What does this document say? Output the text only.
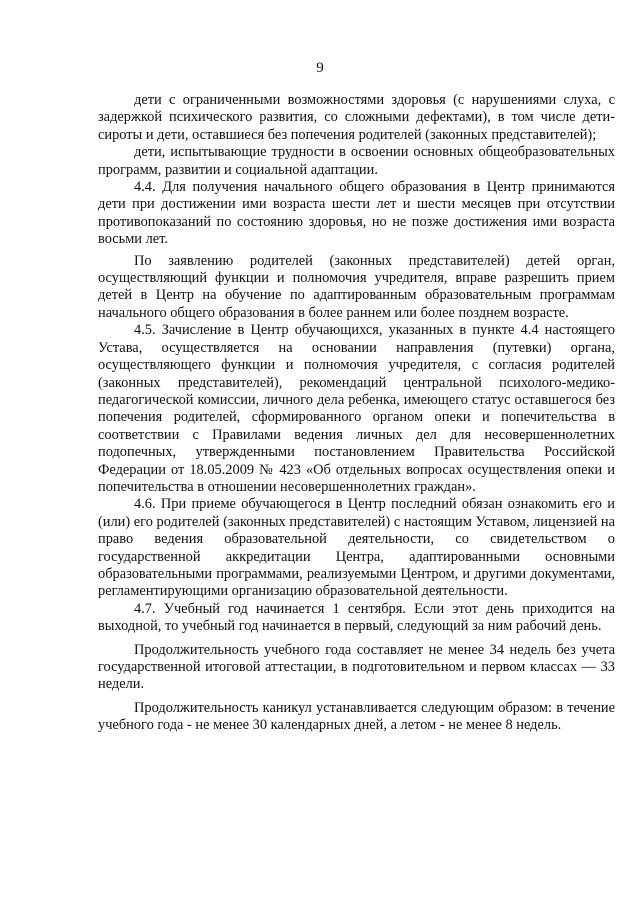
9

дети с ограниченными возможностями здоровья (с нарушениями слуха, с задержкой психического развития, со сложными дефектами), в том числе дети-сироты и дети, оставшиеся без попечения родителей (законных представителей);

дети, испытывающие трудности в освоении основных общеобразовательных программ, развитии и социальной адаптации.

4.4. Для получения начального общего образования в Центр принимаются дети при достижении ими возраста шести лет и шести месяцев при отсутствии противопоказаний по состоянию здоровья, но не позже достижения ими возраста восьми лет.

По заявлению родителей (законных представителей) детей орган, осуществляющий функции и полномочия учредителя, вправе разрешить прием детей в Центр на обучение по адаптированным образовательным программам начального общего образования в более раннем или более позднем возрасте.

4.5. Зачисление в Центр обучающихся, указанных в пункте 4.4 настоящего Устава, осуществляется на основании направления (путевки) органа, осуществляющего функции и полномочия учредителя, с согласия родителей (законных представителей), рекомендаций центральной психолого-медико-педагогической комиссии, личного дела ребенка, имеющего статус оставшегося без попечения родителей, сформированного органом опеки и попечительства в соответствии с Правилами ведения личных дел для несовершеннолетних подопечных, утвержденными постановлением Правительства Российской Федерации от 18.05.2009 № 423 «Об отдельных вопросах осуществления опеки и попечительства в отношении несовершеннолетних граждан».

4.6. При приеме обучающегося в Центр последний обязан ознакомить его и (или) его родителей (законных представителей) с настоящим Уставом, лицензией на право ведения образовательной деятельности, со свидетельством о государственной аккредитации Центра, адаптированными основными образовательными программами, реализуемыми Центром, и другими документами, регламентирующими организацию образовательной деятельности.

4.7. Учебный год начинается 1 сентября. Если этот день приходится на выходной, то учебный год начинается в первый, следующий за ним рабочий день.

Продолжительность учебного года составляет не менее 34 недель без учета государственной итоговой аттестации, в подготовительном и первом классах — 33 недели.

Продолжительность каникул устанавливается следующим образом: в течение учебного года - не менее 30 календарных дней, а летом - не менее 8 недель.
